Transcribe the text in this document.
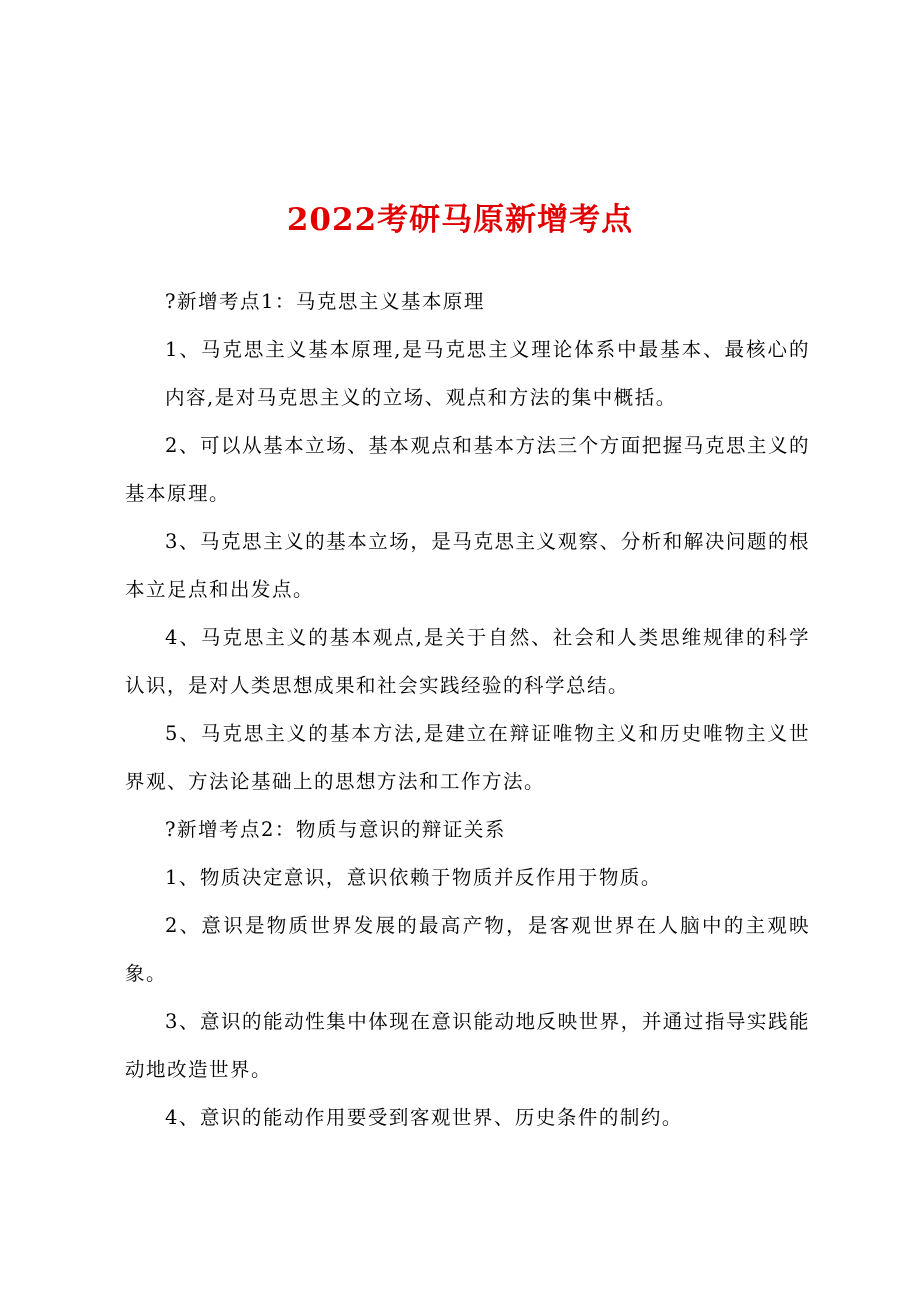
2022考研马原新增考点

?新增考点1：马克思主义基本原理

1、马克思主义基本原理,是马克思主义理论体系中最基本、最核心的内容,是对马克思主义的立场、观点和方法的集中概括。

2、可以从基本立场、基本观点和基本方法三个方面把握马克思主义的基本原理。

3、马克思主义的基本立场，是马克思主义观察、分析和解决问题的根本立足点和出发点。

4、马克思主义的基本观点,是关于自然、社会和人类思维规律的科学认识，是对人类思想成果和社会实践经验的科学总结。

5、马克思主义的基本方法,是建立在辩证唯物主义和历史唯物主义世界观、方法论基础上的思想方法和工作方法。

?新增考点2：物质与意识的辩证关系

1、物质决定意识，意识依赖于物质并反作用于物质。

2、意识是物质世界发展的最高产物，是客观世界在人脑中的主观映象。

3、意识的能动性集中体现在意识能动地反映世界，并通过指导实践能动地改造世界。

4、意识的能动作用要受到客观世界、历史条件的制约。
